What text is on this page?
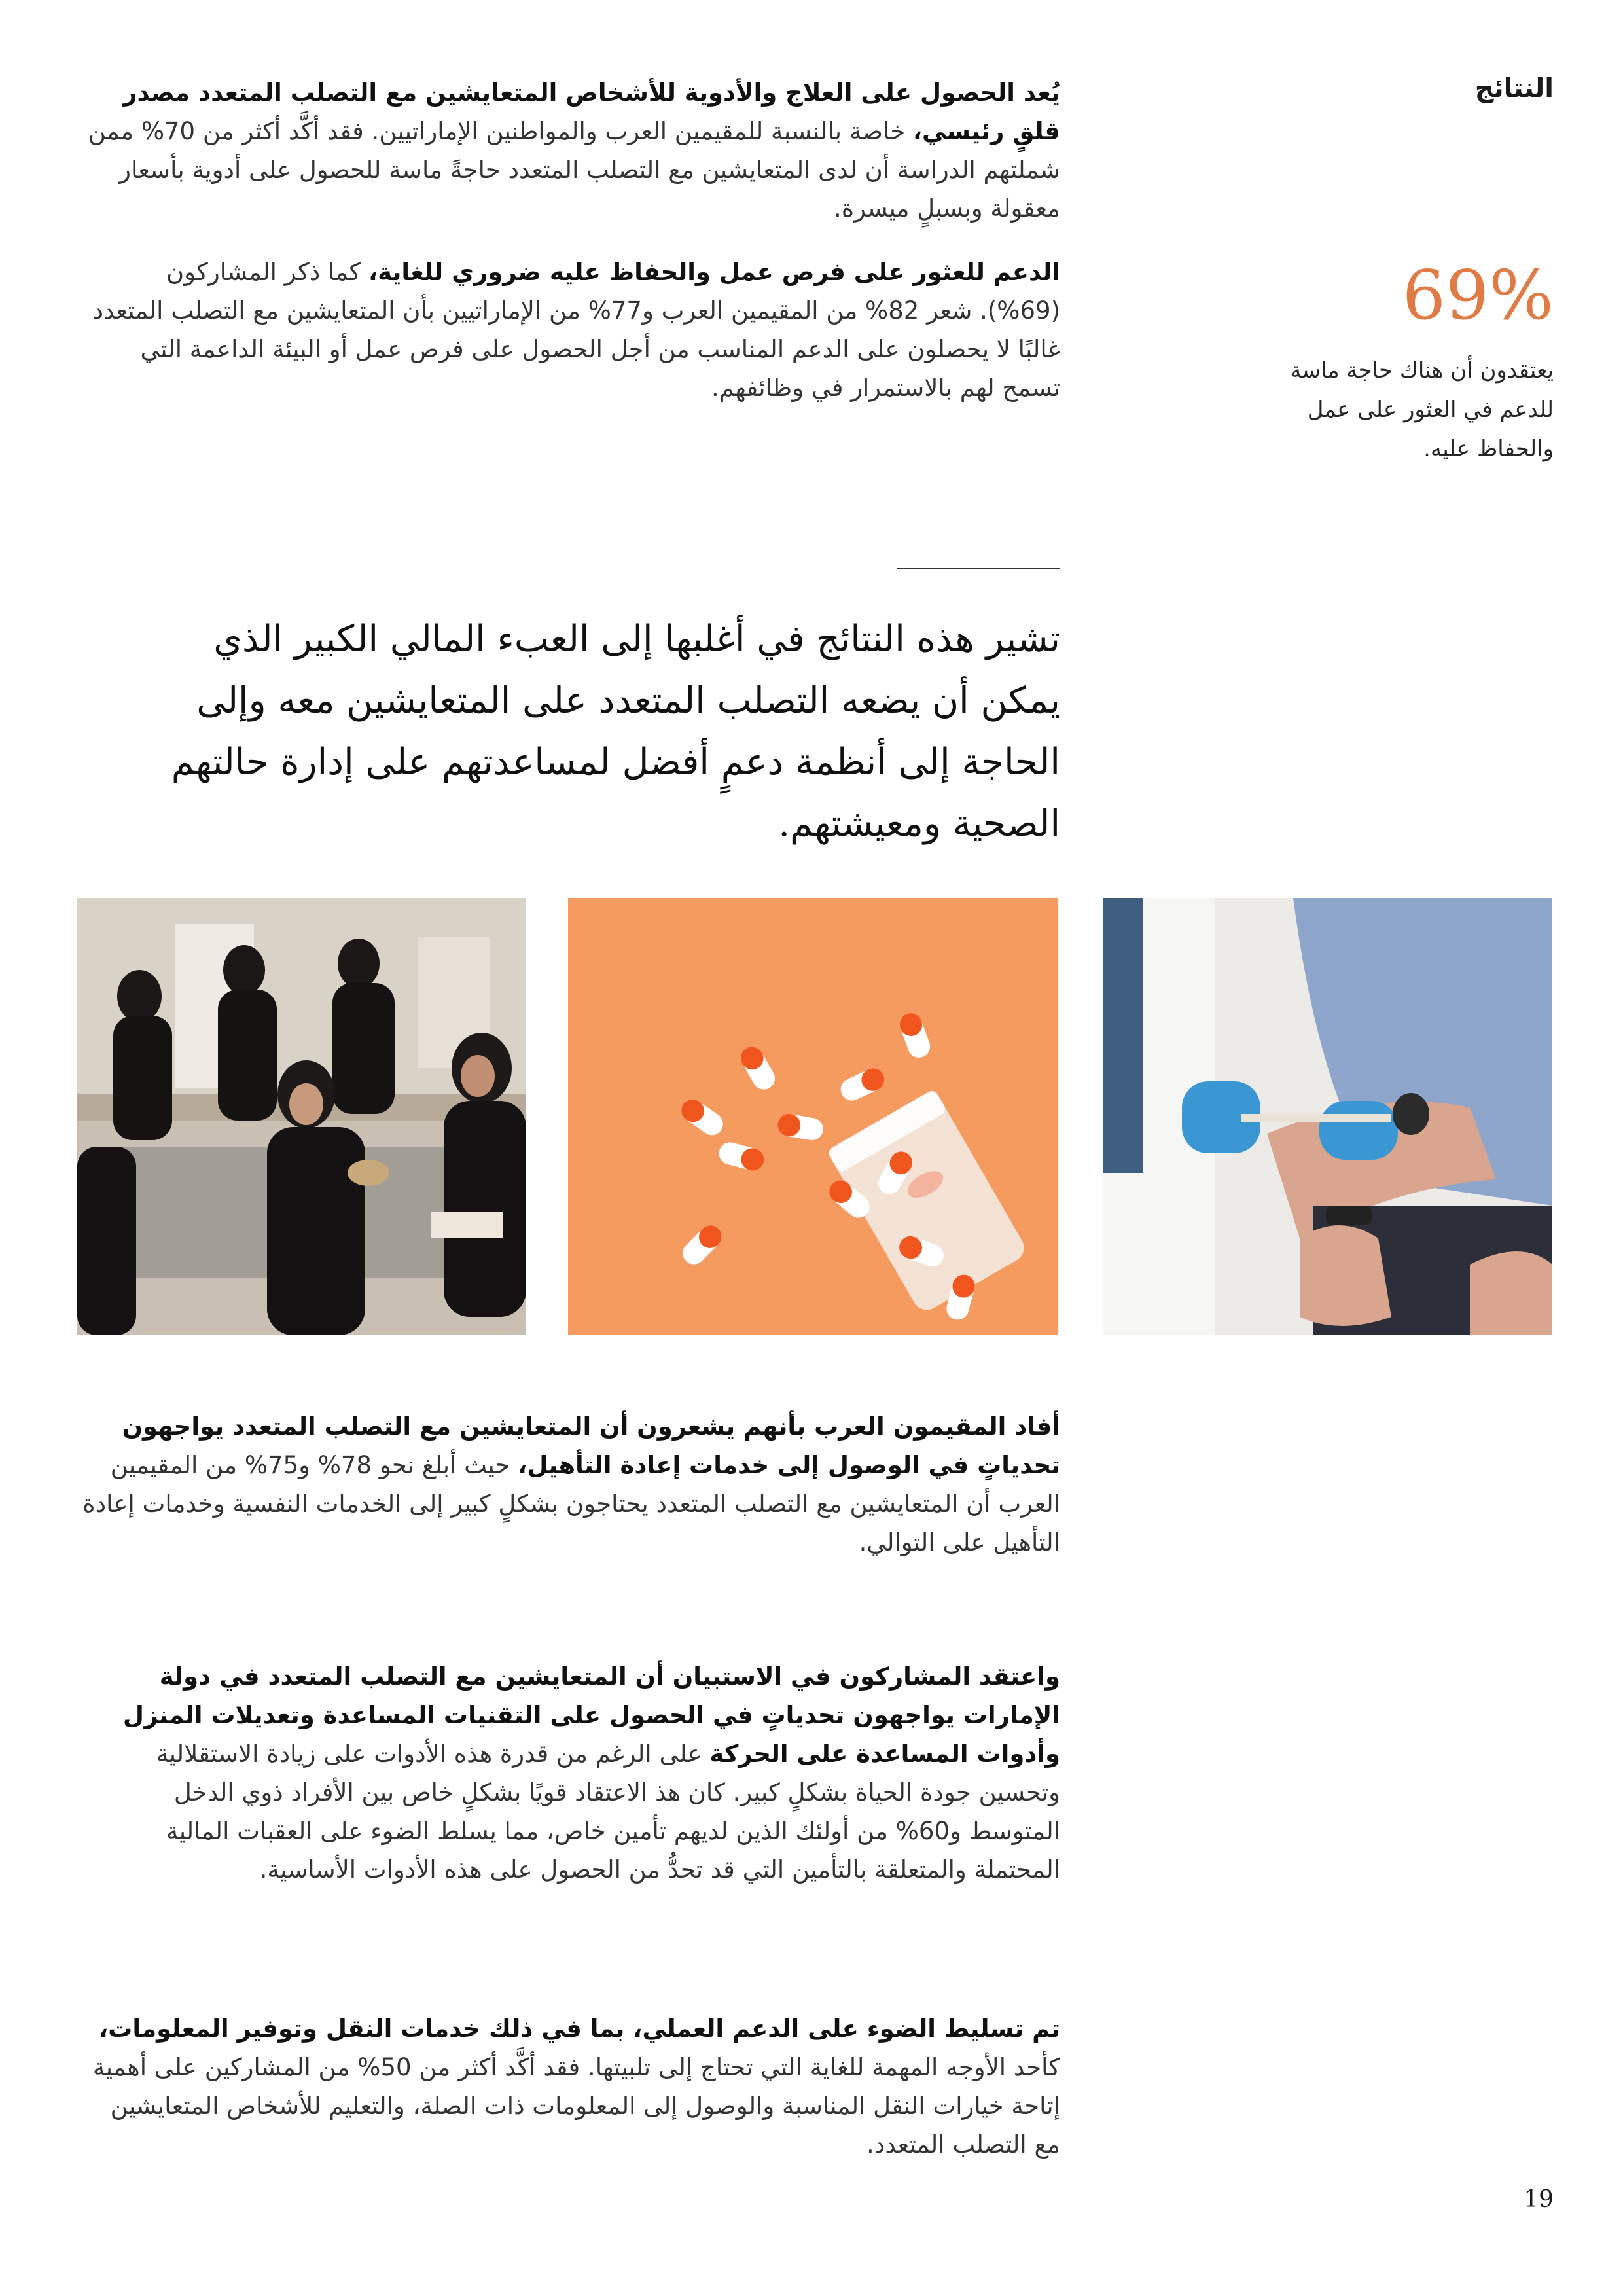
النتائج
69%
يعتقدون أن هناك حاجة ماسة للدعم في العثور على عمل والحفاظ عليه.
يُعد الحصول على العلاج والأدوية للأشخاص المتعايشين مع التصلب المتعدد مصدر قلقٍ رئيسي، خاصة بالنسبة للمقيمين العرب والمواطنين الإماراتيين. فقد أكَّد أكثر من 70% ممن شملتهم الدراسة أن لدى المتعايشين مع التصلب المتعدد حاجةً ماسة للحصول على أدوية بأسعار معقولة وبسبلٍ ميسرة.
الدعم للعثور على فرص عمل والحفاظ عليه ضروري للغاية، كما ذكر المشاركون (69%). شعر 82% من المقيمين العرب و77% من الإماراتيين بأن المتعايشين مع التصلب المتعدد غالبًا لا يحصلون على الدعم المناسب من أجل الحصول على فرص عمل أو البيئة الداعمة التي تسمح لهم بالاستمرار في وظائفهم.
تشير هذه النتائج في أغلبها إلى العبء المالي الكبير الذي يمكن أن يضعه التصلب المتعدد على المتعايشين معه وإلى الحاجة إلى أنظمة دعمٍ أفضل لمساعدتهم على إدارة حالتهم الصحية ومعيشتهم.
أفاد المقيمون العرب بأنهم يشعرون أن المتعايشين مع التصلب المتعدد يواجهون تحدياتٍ في الوصول إلى خدمات إعادة التأهيل، حيث أبلغ نحو 78% و75% من المقيمين العرب أن المتعايشين مع التصلب المتعدد يحتاجون بشكلٍ كبير إلى الخدمات النفسية وخدمات إعادة التأهيل على التوالي.
واعتقد المشاركون في الاستبيان أن المتعايشين مع التصلب المتعدد في دولة الإمارات يواجهون تحدياتٍ في الحصول على التقنيات المساعدة وتعديلات المنزل وأدوات المساعدة على الحركة على الرغم من قدرة هذه الأدوات على زيادة الاستقلالية وتحسين جودة الحياة بشكلٍ كبير. كان هذ الاعتقاد قويًا بشكلٍ خاص بين الأفراد ذوي الدخل المتوسط و60% من أولئك الذين لديهم تأمين خاص، مما يسلط الضوء على العقبات المالية المحتملة والمتعلقة بالتأمين التي قد تحدُّ من الحصول على هذه الأدوات الأساسية.
تم تسليط الضوء على الدعم العملي، بما في ذلك خدمات النقل وتوفير المعلومات، كأحد الأوجه المهمة للغاية التي تحتاج إلى تلبيتها. فقد أكَّد أكثر من 50% من المشاركين على أهمية إتاحة خيارات النقل المناسبة والوصول إلى المعلومات ذات الصلة، والتعليم للأشخاص المتعايشين مع التصلب المتعدد.
19
